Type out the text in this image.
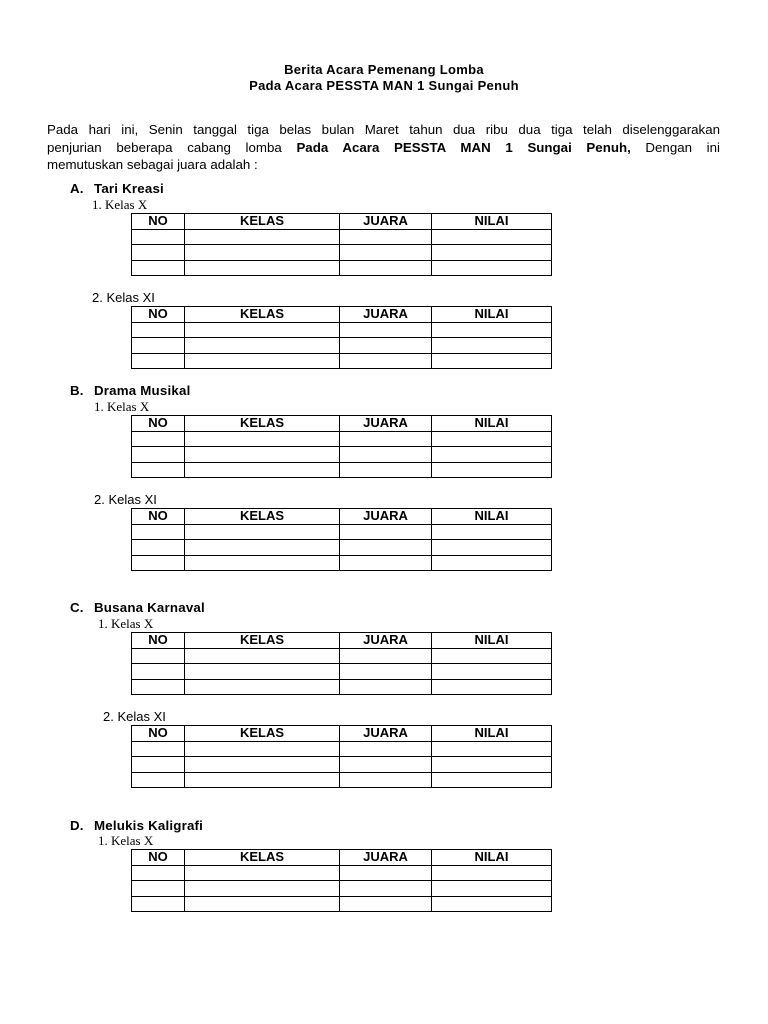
Berita Acara Pemenang Lomba
Pada Acara PESSTA MAN 1 Sungai Penuh
Pada hari ini, Senin tanggal tiga belas bulan Maret tahun dua ribu dua tiga telah diselenggarakan
penjurian beberapa cabang lomba Pada Acara PESSTA MAN 1 Sungai Penuh, Dengan ini
memutuskan sebagai juara adalah :
A. Tari Kreasi
1. Kelas X
NO	KELAS	JUARA	NILAI

2. Kelas XI
NO	KELAS	JUARA	NILAI

B. Drama Musikal
1. Kelas X
NO	KELAS	JUARA	NILAI

2. Kelas XI
NO	KELAS	JUARA	NILAI

C. Busana Karnaval
1. Kelas X
NO	KELAS	JUARA	NILAI

2. Kelas XI
NO	KELAS	JUARA	NILAI

D. Melukis Kaligrafi
1. Kelas X
NO	KELAS	JUARA	NILAI
